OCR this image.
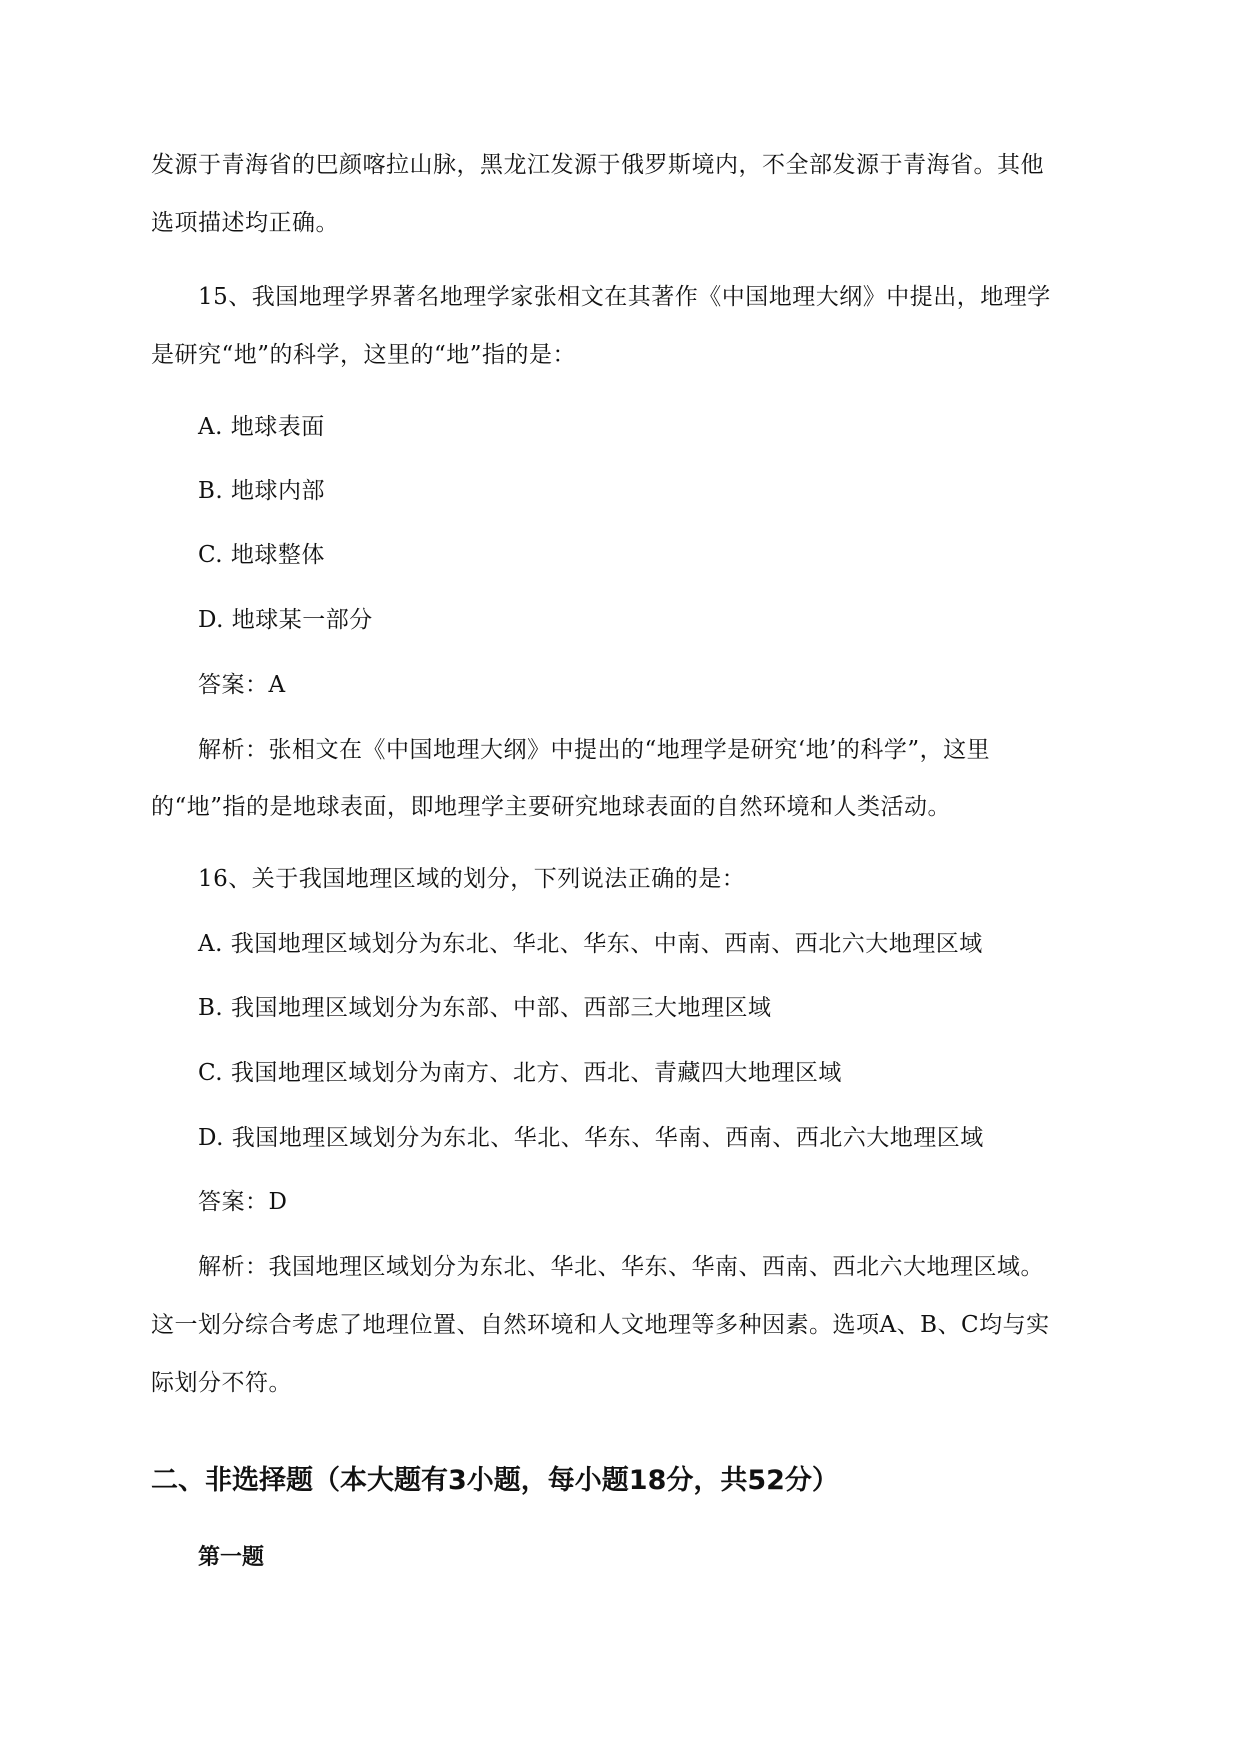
发源于青海省的巴颜喀拉山脉，黑龙江发源于俄罗斯境内，不全部发源于青海省。其他
选项描述均正确。
15、我国地理学界著名地理学家张相文在其著作《中国地理大纲》中提出，地理学
是研究“地”的科学，这里的“地”指的是：
A. 地球表面
B. 地球内部
C. 地球整体
D. 地球某一部分
答案：A
解析：张相文在《中国地理大纲》中提出的“地理学是研究‘地’的科学”，这里
的“地”指的是地球表面，即地理学主要研究地球表面的自然环境和人类活动。
16、关于我国地理区域的划分，下列说法正确的是：
A. 我国地理区域划分为东北、华北、华东、中南、西南、西北六大地理区域
B. 我国地理区域划分为东部、中部、西部三大地理区域
C. 我国地理区域划分为南方、北方、西北、青藏四大地理区域
D. 我国地理区域划分为东北、华北、华东、华南、西南、西北六大地理区域
答案：D
解析：我国地理区域划分为东北、华北、华东、华南、西南、西北六大地理区域。
这一划分综合考虑了地理位置、自然环境和人文地理等多种因素。选项A、B、C均与实
际划分不符。
二、非选择题（本大题有3小题，每小题18分，共52分）
第一题
